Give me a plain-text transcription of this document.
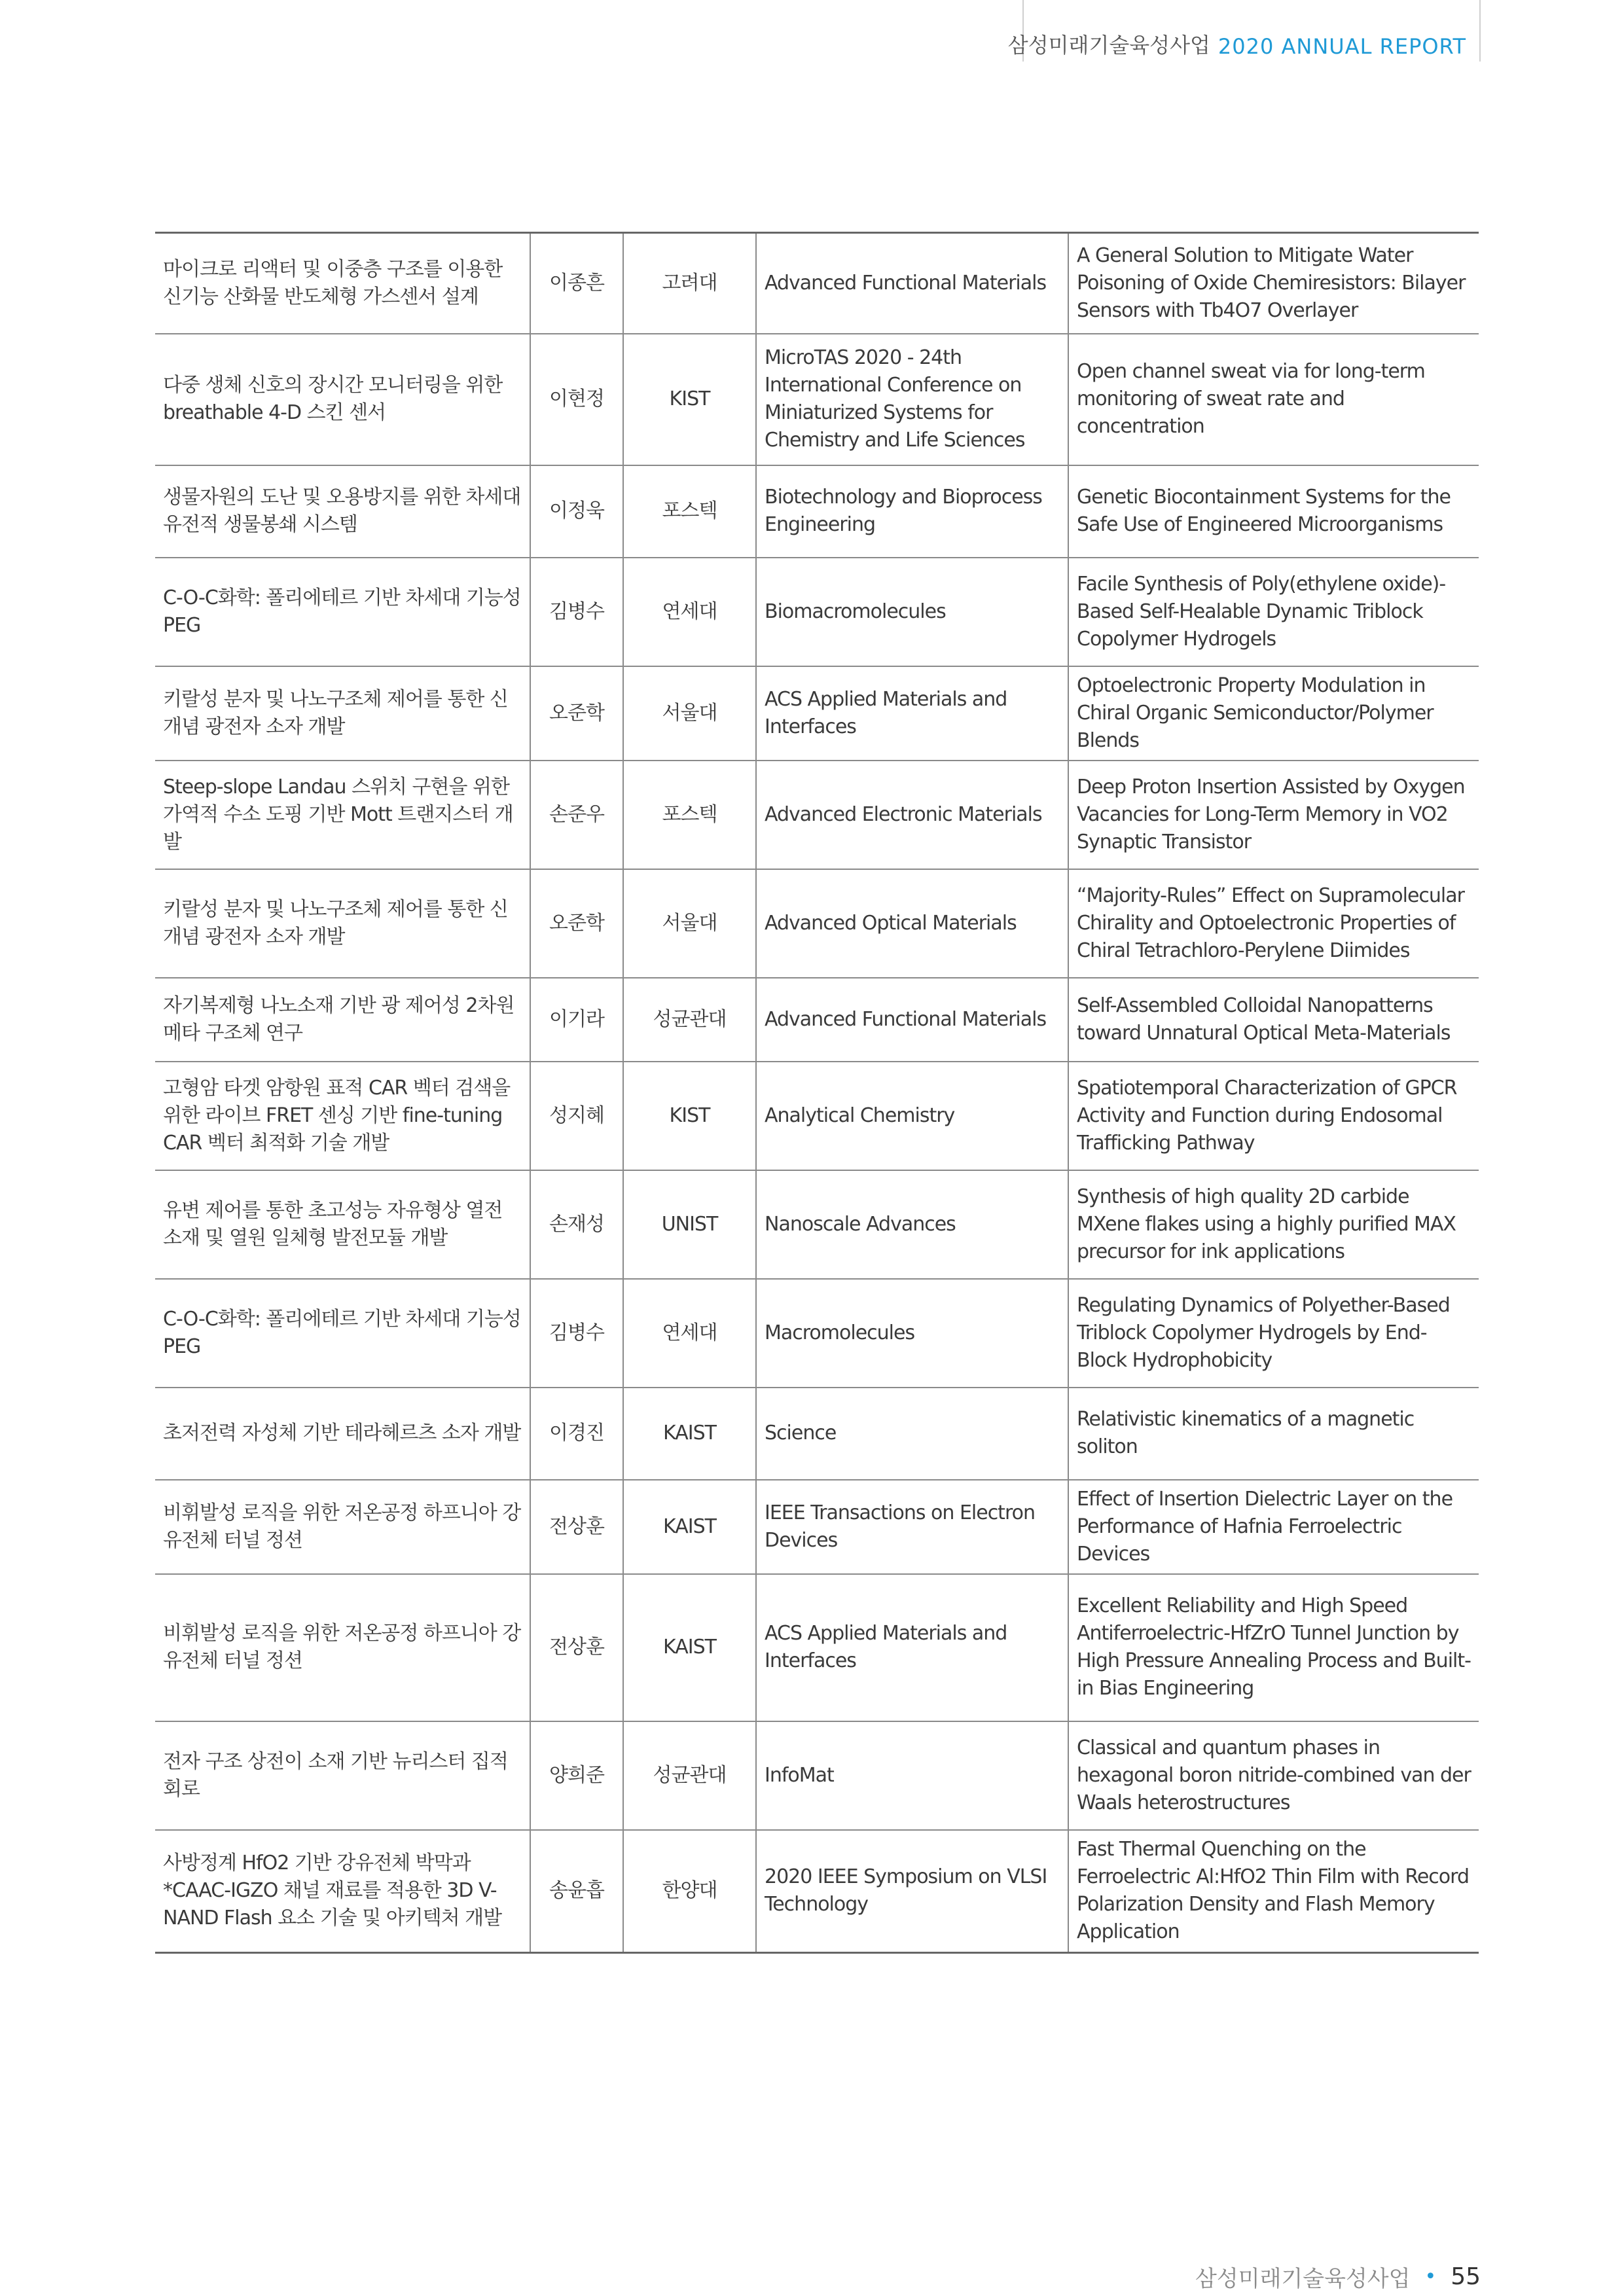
삼성미래기술육성사업 2020 ANNUAL REPORT
마이크로 리액터 및 이중층 구조를 이용한 신기능 산화물 반도체형 가스센서 설계	이종흔	고려대	Advanced Functional Materials	A General Solution to Mitigate Water Poisoning of Oxide Chemiresistors: Bilayer Sensors with Tb4O7 Overlayer
다중 생체 신호의 장시간 모니터링을 위한 breathable 4-D 스킨 센서	이현정	KIST	MicroTAS 2020 - 24th International Conference on Miniaturized Systems for Chemistry and Life Sciences	Open channel sweat via for long-term monitoring of sweat rate and concentration
생물자원의 도난 및 오용방지를 위한 차세대 유전적 생물봉쇄 시스템	이정욱	포스텍	Biotechnology and Bioprocess Engineering	Genetic Biocontainment Systems for the Safe Use of Engineered Microorganisms
C-O-C화학: 폴리에테르 기반 차세대 기능성 PEG	김병수	연세대	Biomacromolecules	Facile Synthesis of Poly(ethylene oxide)-Based Self-Healable Dynamic Triblock Copolymer Hydrogels
키랄성 분자 및 나노구조체 제어를 통한 신개념 광전자 소자 개발	오준학	서울대	ACS Applied Materials and Interfaces	Optoelectronic Property Modulation in Chiral Organic Semiconductor/Polymer Blends
Steep-slope Landau 스위치 구현을 위한 가역적 수소 도핑 기반 Mott 트랜지스터 개발	손준우	포스텍	Advanced Electronic Materials	Deep Proton Insertion Assisted by Oxygen Vacancies for Long-Term Memory in VO2 Synaptic Transistor
키랄성 분자 및 나노구조체 제어를 통한 신개념 광전자 소자 개발	오준학	서울대	Advanced Optical Materials	“Majority-Rules” Effect on Supramolecular Chirality and Optoelectronic Properties of Chiral Tetrachloro-Perylene Diimides
자기복제형 나노소재 기반 광 제어성 2차원 메타 구조체 연구	이기라	성균관대	Advanced Functional Materials	Self-Assembled Colloidal Nanopatterns toward Unnatural Optical Meta-Materials
고형암 타겟 암항원 표적 CAR 벡터 검색을 위한 라이브 FRET 센싱 기반 fine-tuning CAR 벡터 최적화 기술 개발	성지혜	KIST	Analytical Chemistry	Spatiotemporal Characterization of GPCR Activity and Function during Endosomal Trafficking Pathway
유변 제어를 통한 초고성능 자유형상 열전 소재 및 열원 일체형 발전모듈 개발	손재성	UNIST	Nanoscale Advances	Synthesis of high quality 2D carbide MXene flakes using a highly purified MAX precursor for ink applications
C-O-C화학: 폴리에테르 기반 차세대 기능성 PEG	김병수	연세대	Macromolecules	Regulating Dynamics of Polyether-Based Triblock Copolymer Hydrogels by End-Block Hydrophobicity
초저전력 자성체 기반 테라헤르츠 소자 개발	이경진	KAIST	Science	Relativistic kinematics of a magnetic soliton
비휘발성 로직을 위한 저온공정 하프니아 강유전체 터널 정션	전상훈	KAIST	IEEE Transactions on Electron Devices	Effect of Insertion Dielectric Layer on the Performance of Hafnia Ferroelectric Devices
비휘발성 로직을 위한 저온공정 하프니아 강유전체 터널 정션	전상훈	KAIST	ACS Applied Materials and Interfaces	Excellent Reliability and High Speed Antiferroelectric-HfZrO Tunnel Junction by High Pressure Annealing Process and Built-in Bias Engineering
전자 구조 상전이 소재 기반 뉴리스터 집적 회로	양희준	성균관대	InfoMat	Classical and quantum phases in hexagonal boron nitride-combined van der Waals heterostructures
사방정계 HfO2 기반 강유전체 박막과 *CAAC-IGZO 채널 재료를 적용한 3D V-NAND Flash 요소 기술 및 아키텍처 개발	송윤흡	한양대	2020 IEEE Symposium on VLSI Technology	Fast Thermal Quenching on the Ferroelectric Al:HfO2 Thin Film with Record Polarization Density and Flash Memory Application
삼성미래기술육성사업 • 55
